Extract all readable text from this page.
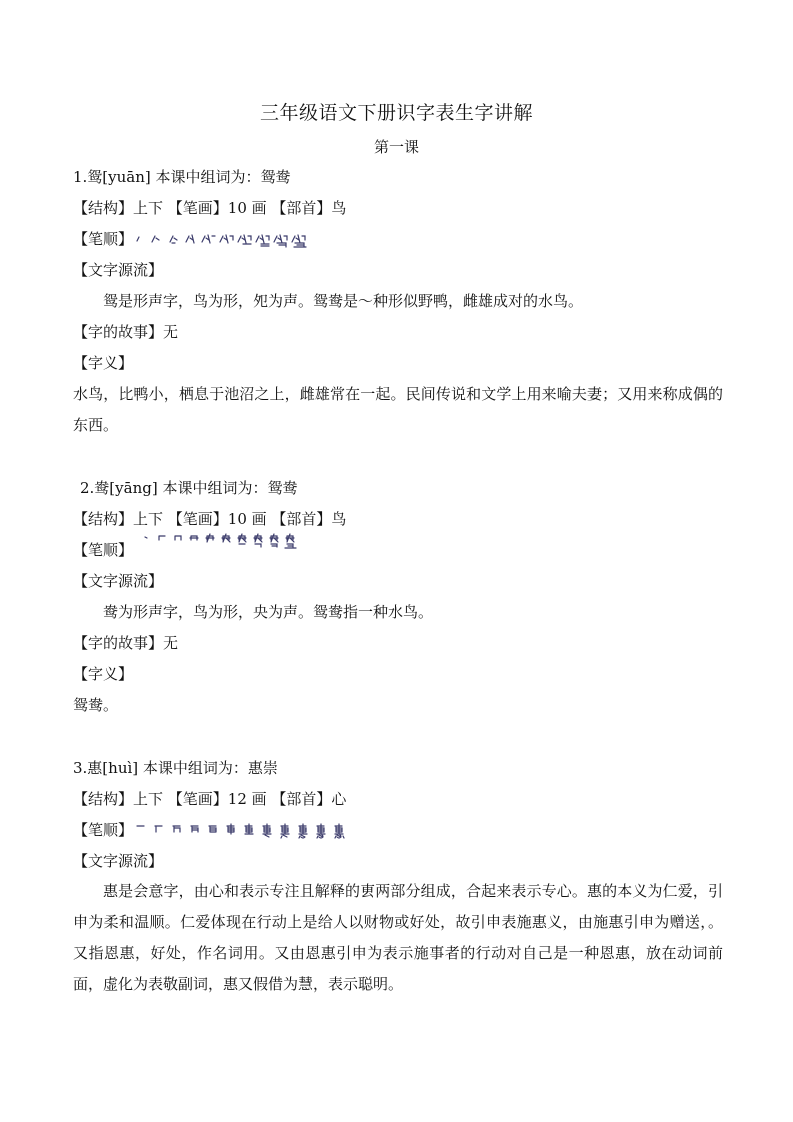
三年级语文下册识字表生字讲解
第一课
1.鸳[yuān] 本课中组词为：鸳鸯
【结构】上下 【笔画】10 画 【部首】鸟
【笔顺】
【文字源流】
鸳是形声字，鸟为形，夗为声。鸳鸯是～种形似野鸭，雌雄成对的水鸟。
【字的故事】无
【字义】
水鸟，比鸭小，栖息于池沼之上，雌雄常在一起。民间传说和文学上用来喻夫妻；又用来称成偶的东西。
2.鸯[yāng] 本课中组词为：鸳鸯
【结构】上下 【笔画】10 画 【部首】鸟
【笔顺】
【文字源流】
鸯为形声字，鸟为形，央为声。鸳鸯指一种水鸟。
【字的故事】无
【字义】
鸳鸯。
3.惠[huì] 本课中组词为：惠崇
【结构】上下 【笔画】12 画 【部首】心
【笔顺】
【文字源流】
惠是会意字，由心和表示专注且解释的叀两部分组成，合起来表示专心。惠的本义为仁爱，引申为柔和温顺。仁爱体现在行动上是给人以财物或好处，故引申表施惠义，由施惠引申为赠送，。又指恩惠，好处，作名词用。又由恩惠引申为表示施事者的行动对自己是一种恩惠，放在动词前面，虚化为表敬副词，惠又假借为慧，表示聪明。
